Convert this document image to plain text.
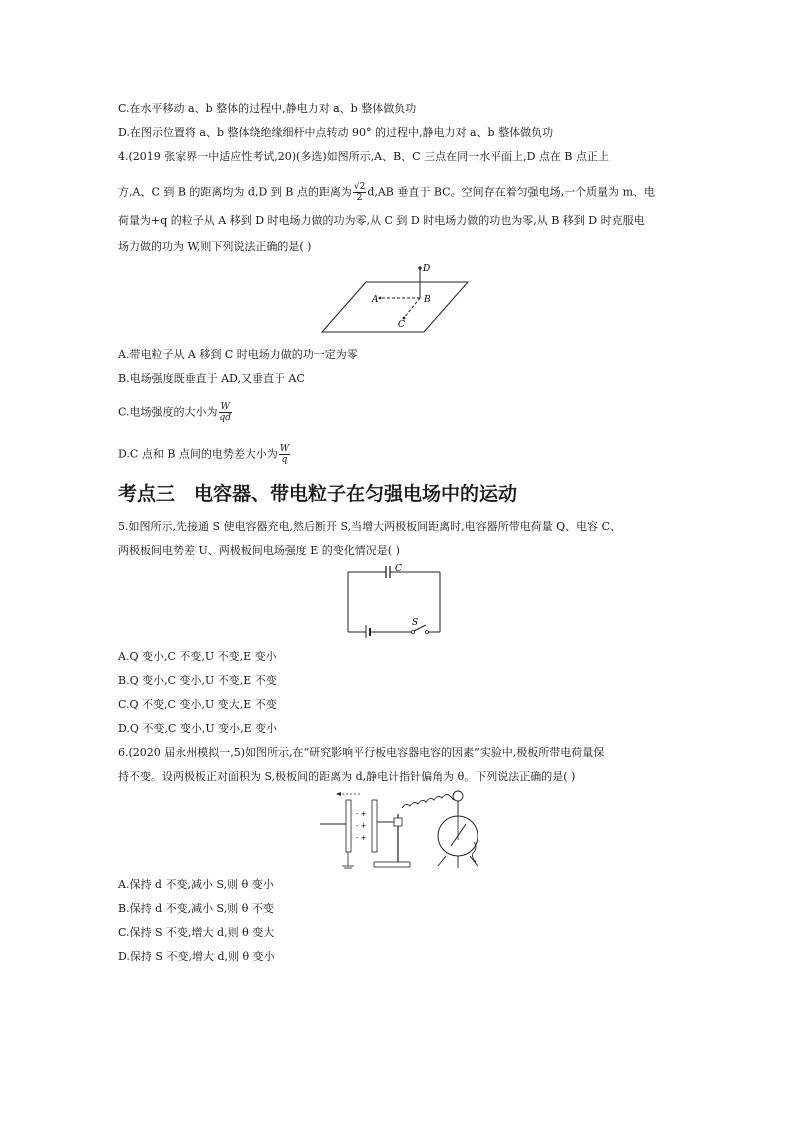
C.在水平移动 a、b 整体的过程中,静电力对 a、b 整体做负功
D.在图示位置将 a、b 整体绕绝缘细杆中点转动 90° 的过程中,静电力对 a、b 整体做负功
4.(2019 张家界一中适应性考试,20)(多选)如图所示,A、B、C 三点在同一水平面上,D 点在 B 点正上
方,A、C 到 B 的距离均为 d,D 到 B 点的距离为 $\frac{√2}{2} d,AB$ 垂直于 BC。空间存在着匀强电场,一个质量为 m、电
荷量为+q 的粒子从 A 移到 D 时电场力做的功为零,从 C 到 D 时电场力做的功也为零,从 B 移到 D 时克服电
场力做的功为 W,则下列说法正确的是( )
D
A	B
C
A.带电粒子从 A 移到 C 时电场力做的功一定为零
B.电场强度既垂直于 AD,又垂直于 AC
C.电场强度的大小为 $\frac{W}{qd}$
D.C 点和 B 点间的电势差大小为 $\frac{W}{q}$
考点三　电容器、带电粒子在匀强电场中的运动
5.如图所示,先接通 S 使电容器充电,然后断开 S,当增大两极板间距离时,电容器所带电荷量 Q、电容 C、
两极板间电势差 U、两极板间电场强度 E 的变化情况是( )
C
S
A.Q 变小,C 不变,U 不变,E 变小
B.Q 变小,C 变小,U 不变,E 不变
C.Q 不变,C 变小,U 变大,E 不变
D.Q 不变,C 变小,U 变小,E 变小
6.(2020 届永州模拟一,5)如图所示,在“研究影响平行板电容器电容的因素”实验中,极板所带电荷量保
持不变。设两极板正对面积为 S,极板间的距离为 d,静电计指针偏角为 θ。下列说法正确的是( )
- +
- +
- +
A.保持 d 不变,减小 S,则 θ 变小
B.保持 d 不变,减小 S,则 θ 不变
C.保持 S 不变,增大 d,则 θ 变大
D.保持 S 不变,增大 d,则 θ 变小
